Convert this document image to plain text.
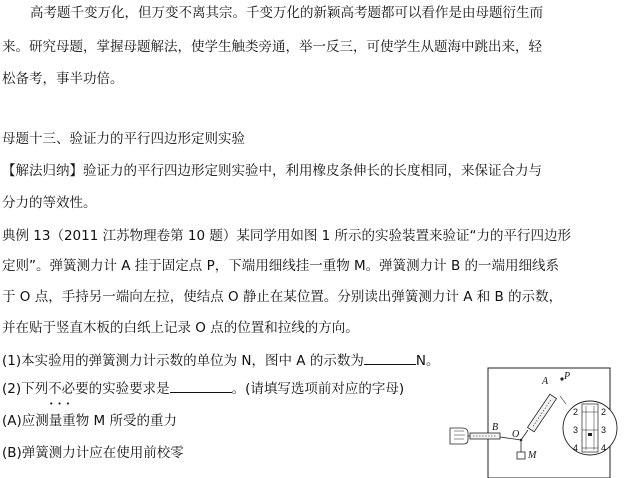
高考题千变万化，但万变不离其宗。千变万化的新颖高考题都可以看作是由母题衍生而
来。研究母题，掌握母题解法，使学生触类旁通，举一反三，可使学生从题海中跳出来，轻
松备考，事半功倍。
母题十三、验证力的平行四边形定则实验
【解法归纳】验证力的平行四边形定则实验中，利用橡皮条伸长的长度相同，来保证合力与
分力的等效性。
典例 13（2011 江苏物理卷第 10 题）某同学用如图 1 所示的实验装置来验证“力的平行四边形
定则”。弹簧测力计 A 挂于固定点 P，下端用细线挂一重物 M。弹簧测力计 B 的一端用细线系
于 O 点，手持另一端向左拉，使结点 O 静止在某位置。分别读出弹簧测力计 A 和 B 的示数，
并在贴于竖直木板的白纸上记录 O 点的位置和拉线的方向。
(1)本实验用的弹簧测力计示数的单位为 N，图中 A 的示数为	N。
(2)下列不必要 • • •的实验要求是	。(请填写选项前对应的字母)
(A)应测量重物 M 所受的重力
(B)弹簧测力计应在使用前校零
P
A
O
M
B
2
3
4
2
3
4
